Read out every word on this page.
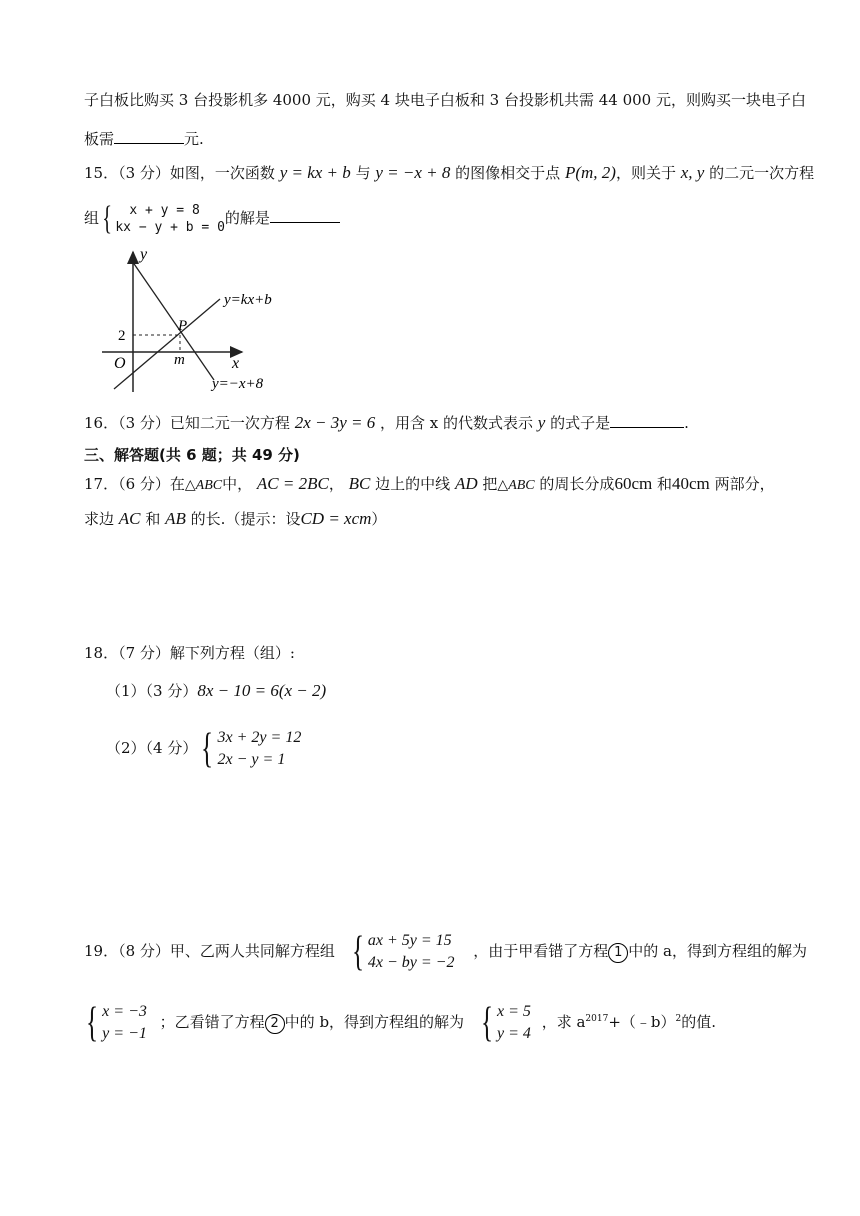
子白板比购买 3 台投影机多 4000 元，购买 4 块电子白板和 3 台投影机共需 44 000 元，则购买一块电子白
板需	元.
15．（3 分）如图，一次函数 y = kx + b 与 y = −x + 8 的图像相交于点 P(m, 2)，则关于 x, y 的二元一次方程
组 {	x + y = 8
kx − y + b = 0
的解是
y
x
O
2
m
P
y=kx+b
y=−x+8
16．（3 分）已知二元一次方程 2x − 3y = 6 ，用含 x 的代数式表示 y 的式子是	.
三、解答题(共 6 题；共 49 分)
17．（6 分）在△ABC中， AC = 2BC， BC 边上的中线 AD 把△ABC 的周长分成60cm 和40cm 两部分，
求边 AC 和 AB 的长.（提示：设CD = xcm）
18．（7 分）解下列方程（组）:
（1）（3 分）8x − 10 = 6(x − 2)
（2）（4 分） { 3x + 2y = 12
2x − y = 1
19．（8 分）甲、乙两人共同解方程组 { ax + 5y = 15
4x − by = −2
，由于甲看错了方程 1 中的 a，得到方程组的解为
{ x = −3
y = −1
；乙看错了方程 2 中的 b，得到方程组的解为 { x = 5
y = 4
，求 $a^{2017}+(﹣b)^2$的值.
